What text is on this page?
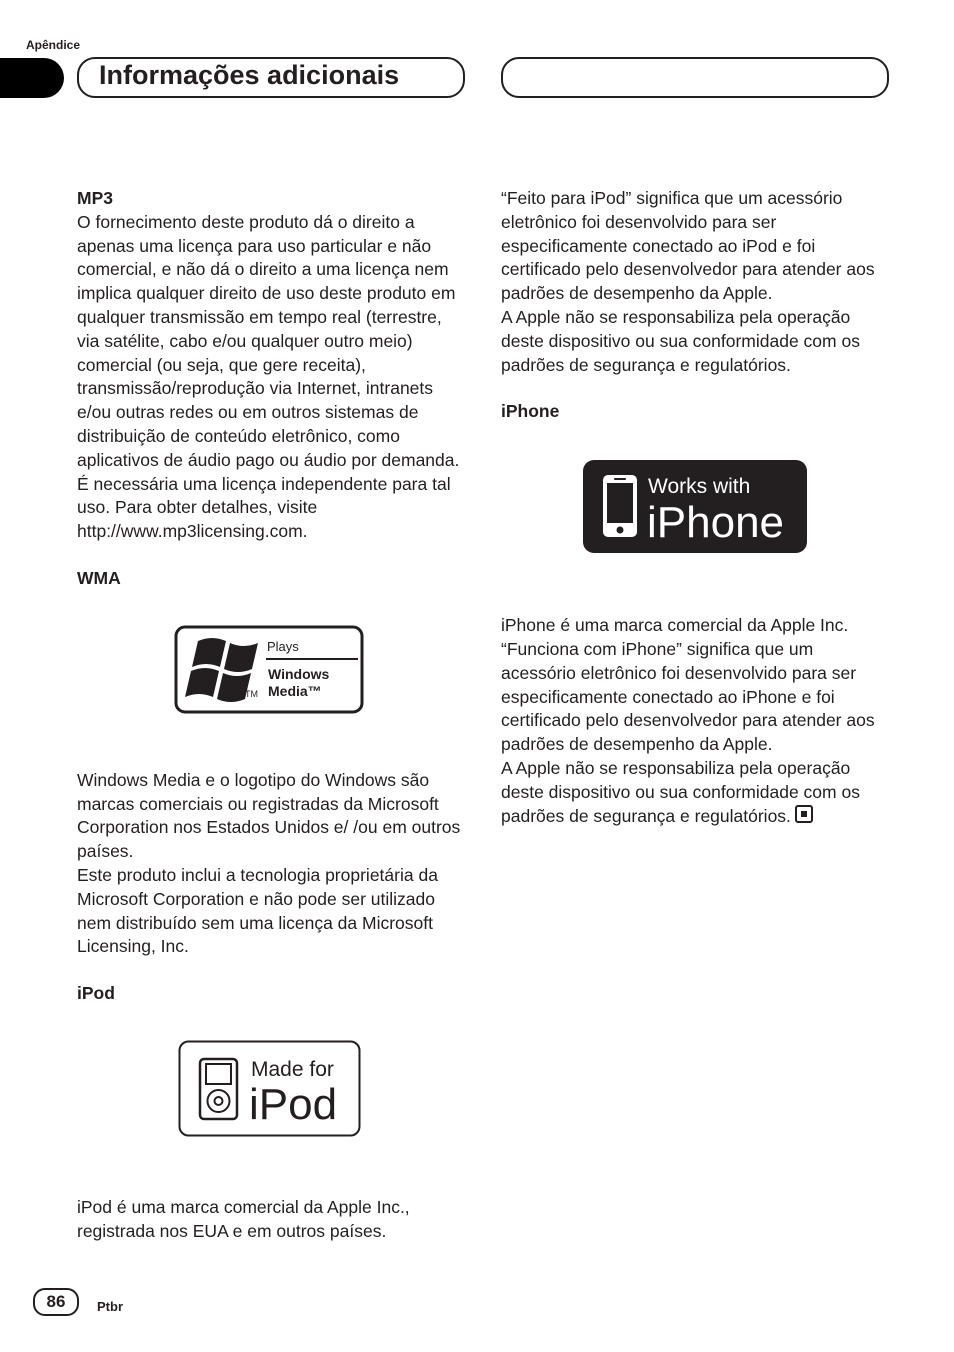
Apêndice
Informações adicionais

MP3

O fornecimento deste produto dá o direito a apenas uma licença para uso particular e não comercial, e não dá o direito a uma licença nem implica qualquer direito de uso deste produto em qualquer transmissão em tempo real (terrestre, via satélite, cabo e/ou qualquer outro meio) comercial (ou seja, que gere receita), transmissão/reprodução via Internet, intranets e/ou outras redes ou em outros sistemas de distribuição de conteúdo eletrônico, como aplicativos de áudio pago ou áudio por demanda. É necessária uma licença independente para tal uso. Para obter detalhes, visite http://www.mp3licensing.com.

WMA

Plays
Windows
Media™
TM

Windows Media e o logotipo do Windows são marcas comerciais ou registradas da Microsoft Corporation nos Estados Unidos e/ /ou em outros países.

Este produto inclui a tecnologia proprietária da Microsoft Corporation e não pode ser utilizado nem distribuído sem uma licença da Microsoft Licensing, Inc.

iPod

Made for
iPod

iPod é uma marca comercial da Apple Inc., registrada nos EUA e em outros países.

“Feito para iPod” significa que um acessório eletrônico foi desenvolvido para ser especificamente conectado ao iPod e foi certificado pelo desenvolvedor para atender aos padrões de desempenho da Apple.

A Apple não se responsabiliza pela operação deste dispositivo ou sua conformidade com os padrões de segurança e regulatórios.

iPhone

Works with
iPhone

iPhone é uma marca comercial da Apple Inc.

“Funciona com iPhone” significa que um acessório eletrônico foi desenvolvido para ser especificamente conectado ao iPhone e foi certificado pelo desenvolvedor para atender aos padrões de desempenho da Apple.

A Apple não se responsabiliza pela operação deste dispositivo ou sua conformidade com os padrões de segurança e regulatórios.

86	Ptbr
